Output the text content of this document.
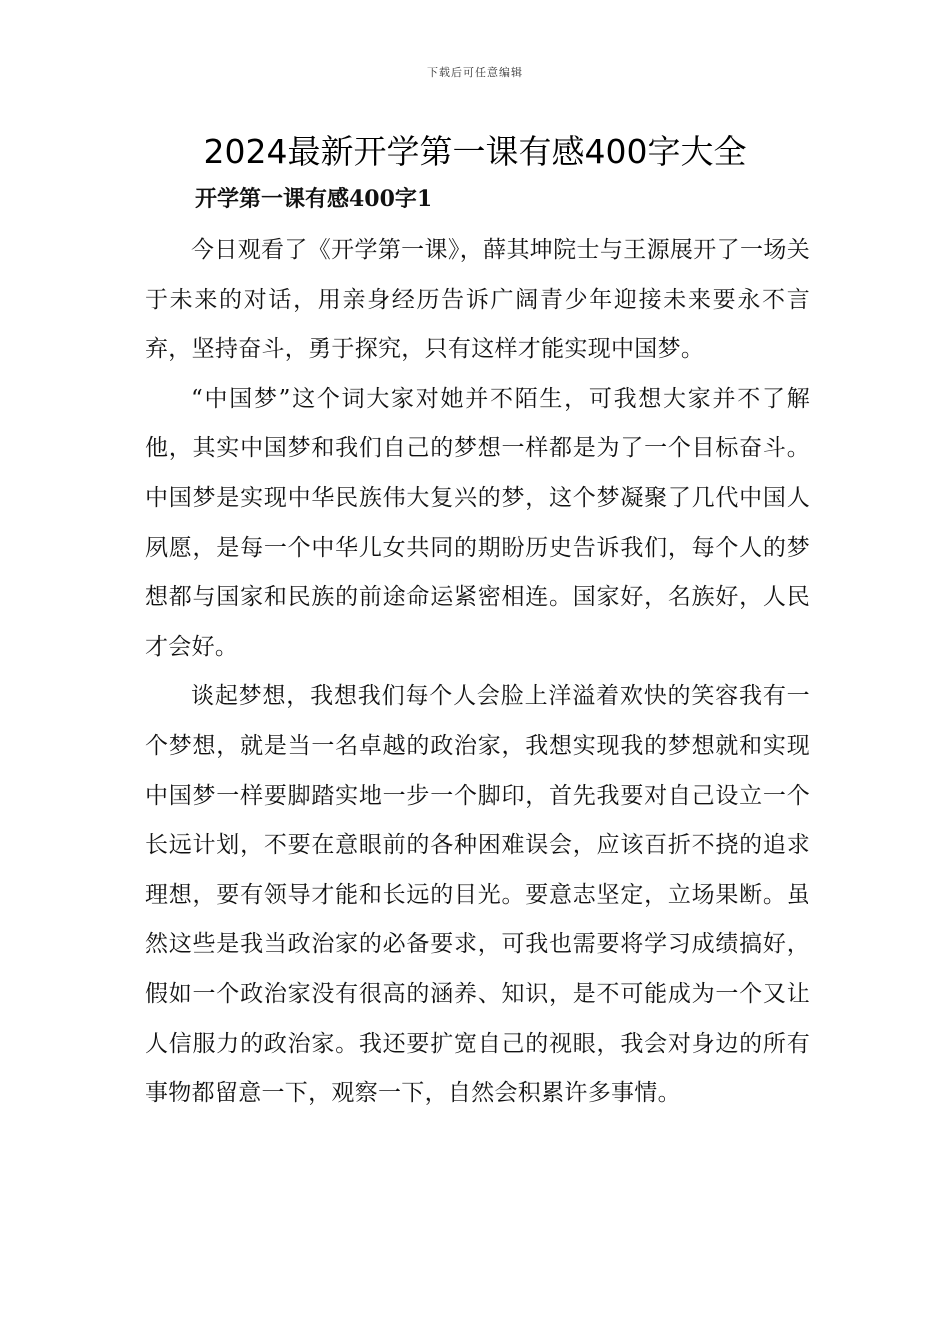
下载后可任意编辑
2024最新开学第一课有感400字大全
开学第一课有感400字1

今日观看了《开学第一课》，薛其坤院士与王源展开了一场关于未来的对话，用亲身经历告诉广阔青少年迎接未来要永不言弃，坚持奋斗，勇于探究，只有这样才能实现中国梦。

“中国梦”这个词大家对她并不陌生，可我想大家并不了解他，其实中国梦和我们自己的梦想一样都是为了一个目标奋斗。中国梦是实现中华民族伟大复兴的梦，这个梦凝聚了几代中国人夙愿，是每一个中华儿女共同的期盼历史告诉我们，每个人的梦想都与国家和民族的前途命运紧密相连。国家好，名族好，人民才会好。

谈起梦想，我想我们每个人会脸上洋溢着欢快的笑容我有一个梦想，就是当一名卓越的政治家，我想实现我的梦想就和实现中国梦一样要脚踏实地一步一个脚印，首先我要对自己设立一个长远计划，不要在意眼前的各种困难误会，应该百折不挠的追求理想，要有领导才能和长远的目光。要意志坚定，立场果断。虽然这些是我当政治家的必备要求，可我也需要将学习成绩搞好，假如一个政治家没有很高的涵养、知识，是不可能成为一个又让人信服力的政治家。我还要扩宽自己的视眼，我会对身边的所有事物都留意一下，观察一下，自然会积累许多事情。
